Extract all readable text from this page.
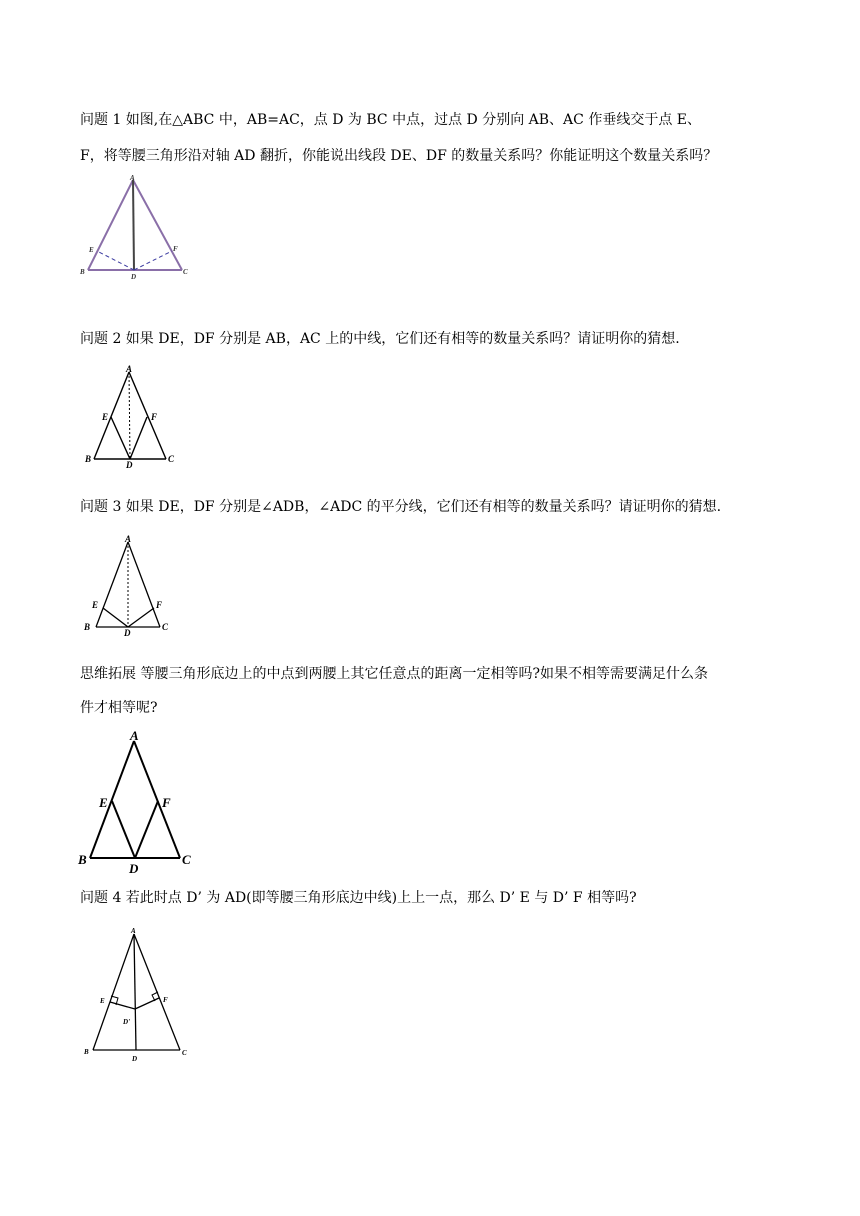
问题 1 如图,在△ABC 中，AB=AC，点 D 为 BC 中点，过点 D 分别向 AB、AC 作垂线交于点 E、
F，将等腰三角形沿对轴 AD 翻折，你能说出线段 DE、DF 的数量关系吗？你能证明这个数量关系吗？
A
E	F
B
D
C
问题 2 如果 DE，DF 分别是 AB，AC 上的中线，它们还有相等的数量关系吗？请证明你的猜想.
A
E	F
B
D
C
问题 3 如果 DE，DF 分别是∠ADB，∠ADC 的平分线，它们还有相等的数量关系吗？请证明你的猜想.
A
E	F
B
D
C
思维拓展 等腰三角形底边上的中点到两腰上其它任意点的距离一定相等吗?如果不相等需要满足什么条
件才相等呢?
A
E	F
B
D
C
问题 4 若此时点 D’ 为 AD(即等腰三角形底边中线)上上一点，那么 D’ E 与 D’ F 相等吗?
A
E	F
D'
B
D
C
